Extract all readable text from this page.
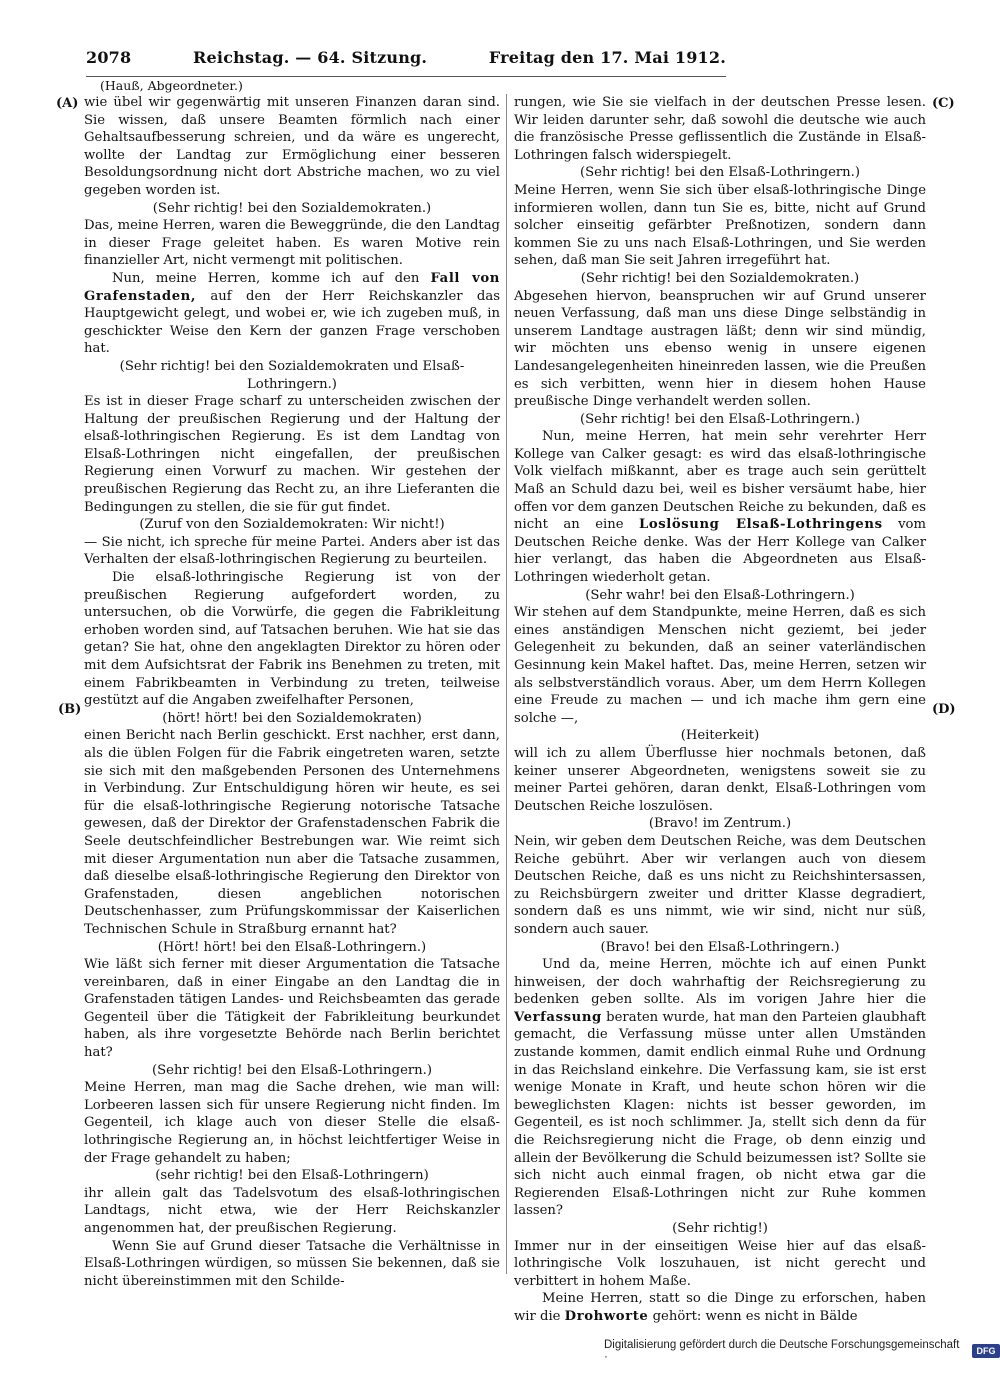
2078	Reichstag. — 64. Sitzung.	Freitag den 17. Mai 1912.
(Hauß, Abgeordneter.)
(A)
(B)
(C)
(D)

wie übel wir gegenwärtig mit unseren Finanzen daran sind. Sie wissen, daß unsere Beamten förmlich nach einer Gehaltsaufbesserung schreien, und da wäre es ungerecht, wollte der Landtag zur Ermöglichung einer besseren Besoldungsordnung nicht dort Abstriche machen, wo zu viel gegeben worden ist.

(Sehr richtig! bei den Sozialdemokraten.)

Das, meine Herren, waren die Beweggründe, die den Landtag in dieser Frage geleitet haben. Es waren Motive rein finanzieller Art, nicht vermengt mit politischen.

Nun, meine Herren, komme ich auf den Fall von Grafenstaden, auf den der Herr Reichskanzler das Hauptgewicht gelegt, und wobei er, wie ich zugeben muß, in geschickter Weise den Kern der ganzen Frage verschoben hat.

(Sehr richtig! bei den Sozialdemokraten und Elsaß-Lothringern.)

Es ist in dieser Frage scharf zu unterscheiden zwischen der Haltung der preußischen Regierung und der Haltung der elsaß-lothringischen Regierung. Es ist dem Landtag von Elsaß-Lothringen nicht eingefallen, der preußischen Regierung einen Vorwurf zu machen. Wir gestehen der preußischen Regierung das Recht zu, an ihre Lieferanten die Bedingungen zu stellen, die sie für gut findet.

(Zuruf von den Sozialdemokraten: Wir nicht!)

— Sie nicht, ich spreche für meine Partei. Anders aber ist das Verhalten der elsaß-lothringischen Regierung zu beurteilen.

Die elsaß-lothringische Regierung ist von der preußischen Regierung aufgefordert worden, zu untersuchen, ob die Vorwürfe, die gegen die Fabrikleitung erhoben worden sind, auf Tatsachen beruhen. Wie hat sie das getan? Sie hat, ohne den angeklagten Direktor zu hören oder mit dem Aufsichtsrat der Fabrik ins Benehmen zu treten, mit einem Fabrikbeamten in Verbindung zu treten, teilweise gestützt auf die Angaben zweifelhafter Personen,

(hört! hört! bei den Sozialdemokraten)

einen Bericht nach Berlin geschickt. Erst nachher, erst dann, als die üblen Folgen für die Fabrik eingetreten waren, setzte sie sich mit den maßgebenden Personen des Unternehmens in Verbindung. Zur Entschuldigung hören wir heute, es sei für die elsaß-lothringische Regierung notorische Tatsache gewesen, daß der Direktor der Grafenstadenschen Fabrik die Seele deutschfeindlicher Bestrebungen war. Wie reimt sich mit dieser Argumentation nun aber die Tatsache zusammen, daß dieselbe elsaß-lothringische Regierung den Direktor von Grafenstaden, diesen angeblichen notorischen Deutschenhasser, zum Prüfungskommissar der Kaiserlichen Technischen Schule in Straßburg ernannt hat?

(Hört! hört! bei den Elsaß-Lothringern.)

Wie läßt sich ferner mit dieser Argumentation die Tatsache vereinbaren, daß in einer Eingabe an den Landtag die in Grafenstaden tätigen Landes- und Reichsbeamten das gerade Gegenteil über die Tätigkeit der Fabrikleitung beurkundet haben, als ihre vorgesetzte Behörde nach Berlin berichtet hat?

(Sehr richtig! bei den Elsaß-Lothringern.)

Meine Herren, man mag die Sache drehen, wie man will: Lorbeeren lassen sich für unsere Regierung nicht finden. Im Gegenteil, ich klage auch von dieser Stelle die elsaß-lothringische Regierung an, in höchst leichtfertiger Weise in der Frage gehandelt zu haben;

(sehr richtig! bei den Elsaß-Lothringern)

ihr allein galt das Tadelsvotum des elsaß-lothringischen Landtags, nicht etwa, wie der Herr Reichskanzler angenommen hat, der preußischen Regierung.

Wenn Sie auf Grund dieser Tatsache die Verhältnisse in Elsaß-Lothringen würdigen, so müssen Sie bekennen, daß sie nicht übereinstimmen mit den Schilde-

rungen, wie Sie sie vielfach in der deutschen Presse lesen. Wir leiden darunter sehr, daß sowohl die deutsche wie auch die französische Presse geflissentlich die Zustände in Elsaß-Lothringen falsch widerspiegelt.

(Sehr richtig! bei den Elsaß-Lothringern.)

Meine Herren, wenn Sie sich über elsaß-lothringische Dinge informieren wollen, dann tun Sie es, bitte, nicht auf Grund solcher einseitig gefärbter Preßnotizen, sondern dann kommen Sie zu uns nach Elsaß-Lothringen, und Sie werden sehen, daß man Sie seit Jahren irregeführt hat.

(Sehr richtig! bei den Sozialdemokraten.)

Abgesehen hiervon, beanspruchen wir auf Grund unserer neuen Verfassung, daß man uns diese Dinge selbständig in unserem Landtage austragen läßt; denn wir sind mündig, wir möchten uns ebenso wenig in unsere eigenen Landesangelegenheiten hineinreden lassen, wie die Preußen es sich verbitten, wenn hier in diesem hohen Hause preußische Dinge verhandelt werden sollen.

(Sehr richtig! bei den Elsaß-Lothringern.)

Nun, meine Herren, hat mein sehr verehrter Herr Kollege van Calker gesagt: es wird das elsaß-lothringische Volk vielfach mißkannt, aber es trage auch sein gerüttelt Maß an Schuld dazu bei, weil es bisher versäumt habe, hier offen vor dem ganzen Deutschen Reiche zu bekunden, daß es nicht an eine Loslösung Elsaß-Lothringens vom Deutschen Reiche denke. Was der Herr Kollege van Calker hier verlangt, das haben die Abgeordneten aus Elsaß-Lothringen wiederholt getan.

(Sehr wahr! bei den Elsaß-Lothringern.)

Wir stehen auf dem Standpunkte, meine Herren, daß es sich eines anständigen Menschen nicht geziemt, bei jeder Gelegenheit zu bekunden, daß an seiner vaterländischen Gesinnung kein Makel haftet. Das, meine Herren, setzen wir als selbstverständlich voraus. Aber, um dem Herrn Kollegen eine Freude zu machen — und ich mache ihm gern eine solche —,

(Heiterkeit)

will ich zu allem Überflusse hier nochmals betonen, daß keiner unserer Abgeordneten, wenigstens soweit sie zu meiner Partei gehören, daran denkt, Elsaß-Lothringen vom Deutschen Reiche loszulösen.

(Bravo! im Zentrum.)

Nein, wir geben dem Deutschen Reiche, was dem Deutschen Reiche gebührt. Aber wir verlangen auch von diesem Deutschen Reiche, daß es uns nicht zu Reichshintersassen, zu Reichsbürgern zweiter und dritter Klasse degradiert, sondern daß es uns nimmt, wie wir sind, nicht nur süß, sondern auch sauer.

(Bravo! bei den Elsaß-Lothringern.)

Und da, meine Herren, möchte ich auf einen Punkt hinweisen, der doch wahrhaftig der Reichsregierung zu bedenken geben sollte. Als im vorigen Jahre hier die Verfassung beraten wurde, hat man den Parteien glaubhaft gemacht, die Verfassung müsse unter allen Umständen zustande kommen, damit endlich einmal Ruhe und Ordnung in das Reichsland einkehre. Die Verfassung kam, sie ist erst wenige Monate in Kraft, und heute schon hören wir die beweglichsten Klagen: nichts ist besser geworden, im Gegenteil, es ist noch schlimmer. Ja, stellt sich denn da für die Reichsregierung nicht die Frage, ob denn einzig und allein der Bevölkerung die Schuld beizumessen ist? Sollte sie sich nicht auch einmal fragen, ob nicht etwa gar die Regierenden Elsaß-Lothringen nicht zur Ruhe kommen lassen?

(Sehr richtig!)

Immer nur in der einseitigen Weise hier auf das elsaß-lothringische Volk loszuhauen, ist nicht gerecht und verbittert in hohem Maße.

Meine Herren, statt so die Dinge zu erforschen, haben wir die Drohworte gehört: wenn es nicht in Bälde

Digitalisierung gefördert durch die Deutsche Forschungsgemeinschaft ·	DFG
